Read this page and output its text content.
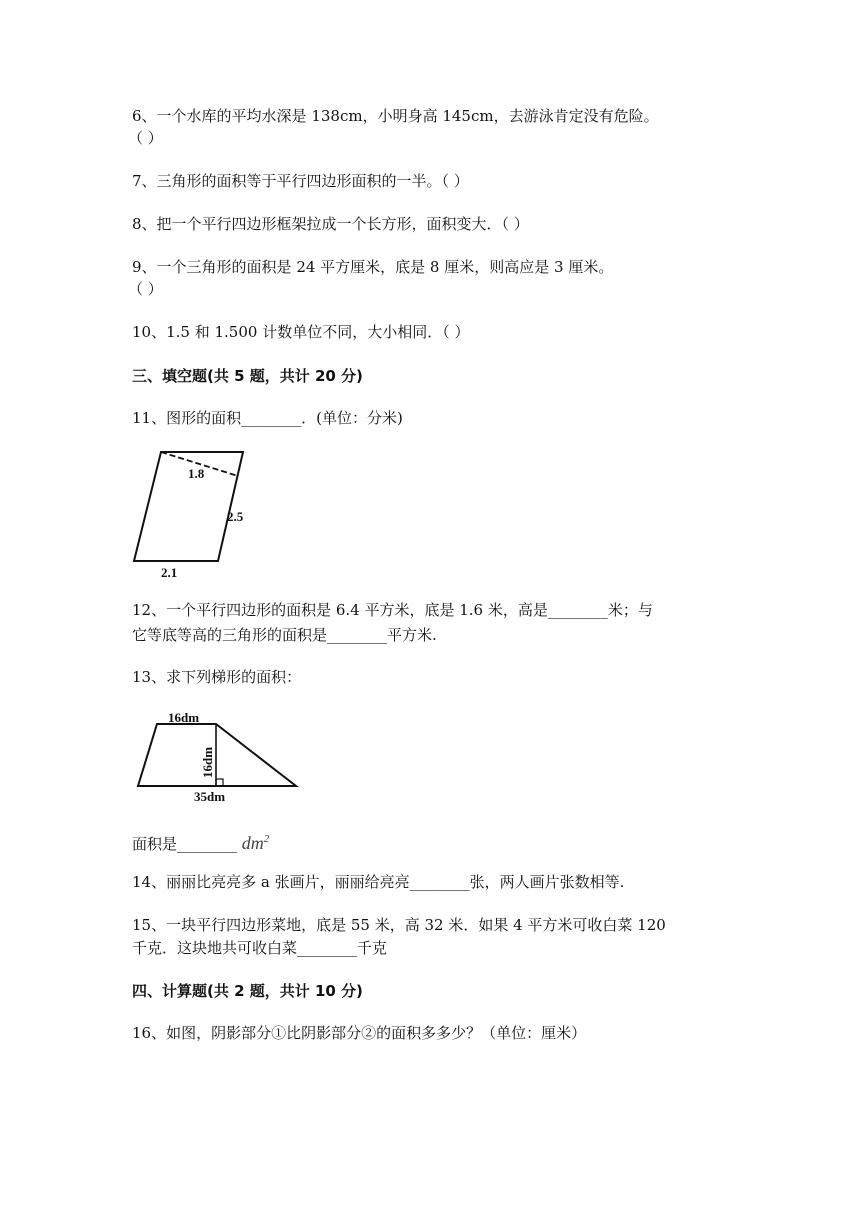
6、一个水库的平均水深是 138cm，小明身高 145cm，去游泳肯定没有危险。
（ ）
7、三角形的面积等于平行四边形面积的一半。（ ）
8、把一个平行四边形框架拉成一个长方形，面积变大．（ ）
9、一个三角形的面积是 24 平方厘米，底是 8 厘米，则高应是 3 厘米。
（ ）
10、1.5 和 1.500 计数单位不同，大小相同．（ ）
三、填空题(共 5 题，共计 20 分)
11、图形的面积________．(单位：分米)
1.8
2.5
2.1
12、一个平行四边形的面积是 6.4 平方米，底是 1.6 米，高是________米；与
它等底等高的三角形的面积是________平方米.
13、求下列梯形的面积：
16dm
16dm
35dm
面积是________ $dm^2$
14、丽丽比亮亮多 a 张画片，丽丽给亮亮________张，两人画片张数相等.
15、一块平行四边形菜地，底是 55 米，高 32 米．如果 4 平方米可收白菜 120
千克．这块地共可收白菜________千克
四、计算题(共 2 题，共计 10 分)
16、如图，阴影部分①比阴影部分②的面积多多少？（单位：厘米）
